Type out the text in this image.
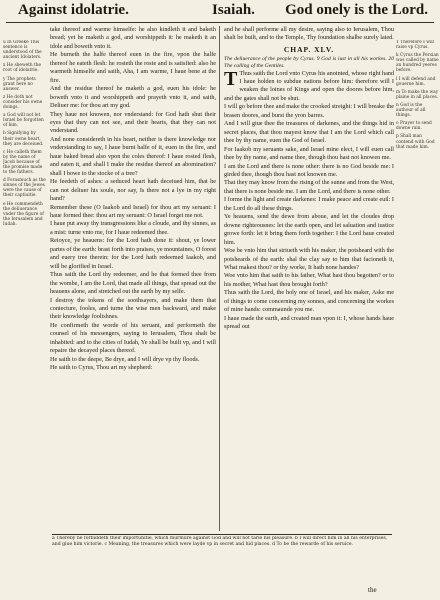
Against idolatrie.	Isaiah. God onely is the Lord.

u In Greeke This sentence is understood of the ancient Idolaters.

x He sheweth the root of idolatrie.

y The prophets grant here no answer.

z He doth not consider his owne doings.

a God will not let Israel be forgotten of him.

b Signifying by their owne heart, they are deceiued.

c He calleth them by the name of Jacob because of the promise made to the fathers.

d Forasmuch as the sinnes of the Jewes were the cause of their captiuitie.

e He commendeth the deliuerance vnder the figure of the Ierusalem and Iudah.

take thereof and warme himselfe: he also kindleth it and baketh bread; yet he maketh a god, and worshippeth it: he maketh it an idole and boweth vnto it.

He burneth the halfe thereof euen in the fire, vpon the halfe thereof he eateth flesh: he rosteth the roste and is satisfied: also he warmeth himselfe and saith, Aha, I am warme, I haue bene at the fire.

And the residue thereof he maketh a god, euen his idole: he boweth vnto it and worshippeth and prayeth vnto it, and saith, Deliuer me: for thou art my god.

They haue not knowen, nor vnderstand: for God hath shut their eyes that they can not see, and their hearts, that they can not vnderstand.

And none considereth in his heart, neither is there knowledge nor vnderstanding to say, I haue burnt halfe of it, euen in the fire, and haue baked bread also vpon the coles thereof: I haue rosted flesh, and eaten it, and shall I make the residue thereof an abomination? shall I bowe to the stocke of a tree?

He feedeth of ashes: a seduced heart hath deceiued him, that he can not deliuer his soule, nor say, Is there not a lye in my right hand?

Remember these (O Iaakob and Israel) for thou art my seruant: I haue formed thee: thou art my seruant: O Israel forget me not.

I haue put away thy transgressions like a cloude, and thy sinnes, as a mist: turne vnto me, for I haue redeemed thee.

Reioyce, ye heauens: for the Lord hath done it: shout, ye lower partes of the earth: brast forth into praises, ye mountaines, O forest and euery tree therein: for the Lord hath redeemed Iaakob, and will be glorified in Israel.

Thus saith the Lord thy redeemer, and he that formed thee from the wombe, I am the Lord, that made all things, that spread out the heauens alone, and stretched out the earth by my selfe.

I destroy the tokens of the soothsayers, and make them that coniecture, fooles, and turne the wise men backward, and make their knowledge foolishnes.

He confirmeth the worde of his seruant, and performeth the counsel of his messengers, saying to Ierusalem, Thou shalt be inhabited: and to the cities of Iudah, Ye shall be built vp, and I will repaire the decayed places thereof.

He saith to the deepe, Be drye, and I will drye vp thy floods.

He saith to Cyrus, Thou art my shepherd:

and he shall performe all my desire, saying also to Ierusalem, Thou shalt be built, and to the Temple, Thy foundation shalbe surely laied.

CHAP. XLV.

The deliuerance of the people by Cyrus. 9 God is iust in all his workes. 20 The calling of the Gentiles.

T Thus saith the Lord vnto Cyrus his anointed, whose right hand I haue holden to subdue nations before him: therefore will I weaken the loines of Kings and open the doores before him, and the gates shall not be shut.

I will go before thee and make the crooked streight: I will breake the brasen doores, and burst the yron barres.

And I will giue thee the treasures of darkenes, and the things hid in secret places, that thou mayest know that I am the Lord which call thee by thy name, euen the God of Israel.

For Iaakob my seruants sake, and Israel mine elect, I will euen call thee by thy name, and name thee, though thou hast not knowen me.

I am the Lord and there is none other: there is no God beside me: I girded thee, though thou hast not knowen me.

That they may know from the rising of the sunne and from the West, that there is none beside me. I am the Lord, and there is none other.

I forme the light and create darkenes: I make peace and create euil: I the Lord do all these things.

Ye heauens, send the dewe from aboue, and let the cloudes drop downe righteousnes: let the earth open, and let saluation and iustice growe forth: let it bring them forth together: I the Lord haue created him.

Woe be vnto him that striueth with his maker, the potsheard with the potsheards of the earth: shal the clay say to him that facioneth it, What makest thou? or thy worke, It hath none handes?

Woe vnto him that saith to his father, What hast thou begotten? or to his mother, What hast thou brought forth?

Thus saith the Lord, the holy one of Israel, and his maker, Aske me of things to come concerning my sonnes, and concerning the workes of mine hands: commaunde you me.

I haue made the earth, and created man vpon it: I, whose hands haue spread out

T Therefore I will raise vp Cyrus.

k Cyrus the Persian was called by name an hundred yeeres before.

l I will defend and gouerne him.

m To make the way plaine in all places.

n God is the authour of all things.

o Prayer to send downe rain.

p Shall man contend with God that made him.

a Thereby he forbiddeth their importunitie, which murmure against God and will not tarie his pleasure. b I will direct him in all his enterprises, and giue him victorie. c Meaning, the treasures which were layde vp in secret and hid places. d To be the rewarde of his seruice.
the
